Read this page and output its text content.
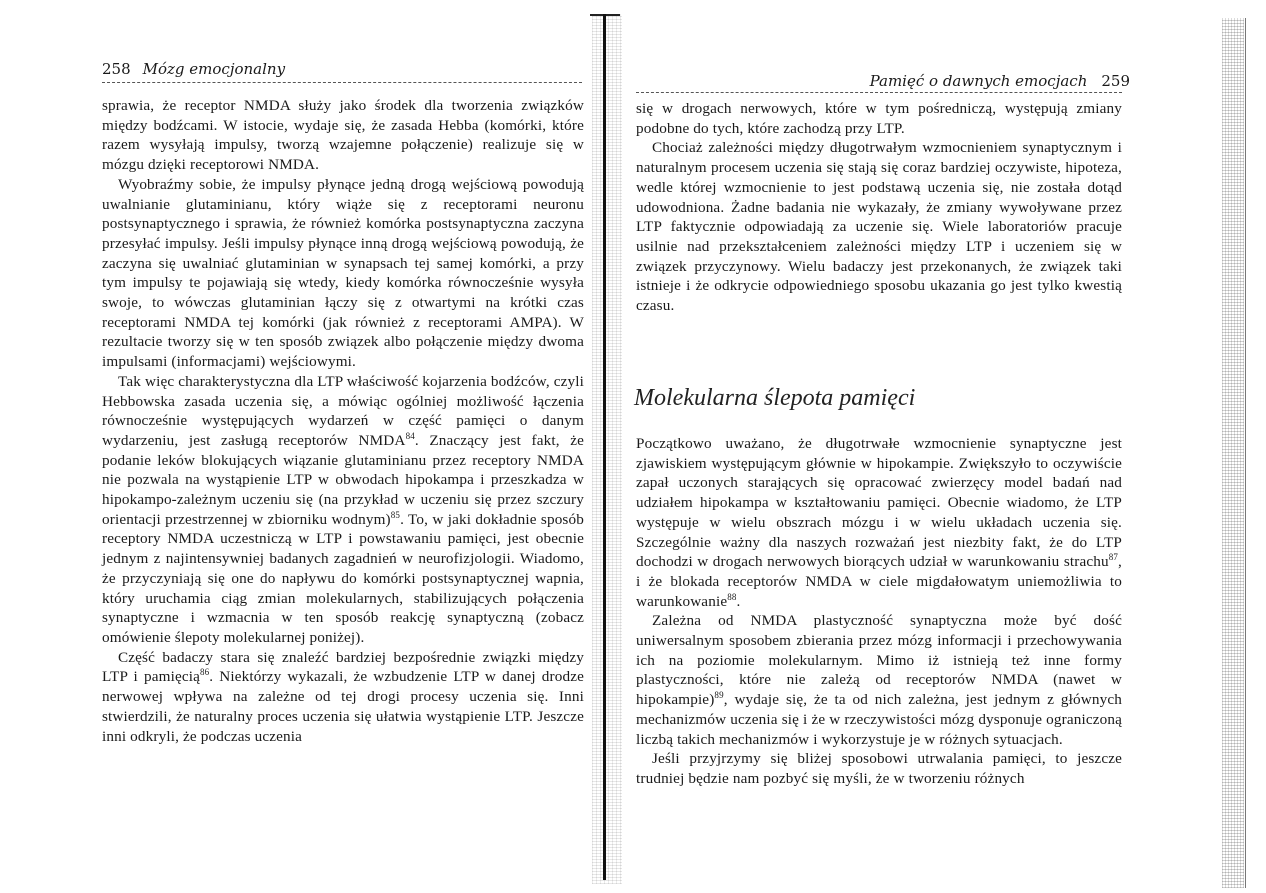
258 Mózg emocjonalny

sprawia, że receptor NMDA służy jako środek dla tworzenia związków między bodźcami. W istocie, wydaje się, że zasada Hebba (komórki, które razem wysyłają impulsy, tworzą wzajemne połączenie) realizuje się w mózgu dzięki receptorowi NMDA.

Wyobraźmy sobie, że impulsy płynące jedną drogą wejściową powodują uwalnianie glutaminianu, który wiąże się z receptorami neuronu postsynaptycznego i sprawia, że również komórka postsynaptyczna zaczyna przesyłać impulsy. Jeśli impulsy płynące inną drogą wejściową powodują, że zaczyna się uwalniać glutaminian w synapsach tej samej komórki, a przy tym impulsy te pojawiają się wtedy, kiedy komórka równocześnie wysyła swoje, to wówczas glutaminian łączy się z otwartymi na krótki czas receptorami NMDA tej komórki (jak również z receptorami AMPA). W rezultacie tworzy się w ten sposób związek albo połączenie między dwoma impulsami (informacjami) wejściowymi.

Tak więc charakterystyczna dla LTP właściwość kojarzenia bodźców, czyli Hebbowska zasada uczenia się, a mówiąc ogólniej możliwość łączenia równocześnie występujących wydarzeń w część pamięci o danym wydarzeniu, jest zasługą receptorów NMDA$^{84}$. Znaczący jest fakt, że podanie leków blokujących wiązanie glutaminianu przez receptory NMDA nie pozwala na wystąpienie LTP w obwodach hipokampa i przeszkadza w hipokampo-zależnym uczeniu się (na przykład w uczeniu się przez szczury orientacji przestrzennej w zbiorniku wodnym)$^{85}$. To, w jaki dokładnie sposób receptory NMDA uczestniczą w LTP i powstawaniu pamięci, jest obecnie jednym z najintensywniej badanych zagadnień w neurofizjologii. Wiadomo, że przyczyniają się one do napływu do komórki postsynaptycznej wapnia, który uruchamia ciąg zmian molekularnych, stabilizujących połączenia synaptyczne i wzmacnia w ten sposób reakcję synaptyczną (zobacz omówienie ślepoty molekularnej poniżej).

Część badaczy stara się znaleźć bardziej bezpośrednie związki między LTP i pamięcią$^{86}$. Niektórzy wykazali, że wzbudzenie LTP w danej drodze nerwowej wpływa na zależne od tej drogi procesy uczenia się. Inni stwierdzili, że naturalny proces uczenia się ułatwia wystąpienie LTP. Jeszcze inni odkryli, że podczas uczenia

Pamięć o dawnych emocjach 259

się w drogach nerwowych, które w tym pośredniczą, występują zmiany podobne do tych, które zachodzą przy LTP.

Chociaż zależności między długotrwałym wzmocnieniem synaptycznym i naturalnym procesem uczenia się stają się coraz bardziej oczywiste, hipoteza, wedle której wzmocnienie to jest podstawą uczenia się, nie została dotąd udowodniona. Żadne badania nie wykazały, że zmiany wywoływane przez LTP faktycznie odpowiadają za uczenie się. Wiele laboratoriów pracuje usilnie nad przekształceniem zależności między LTP i uczeniem się w związek przyczynowy. Wielu badaczy jest przekonanych, że związek taki istnieje i że odkrycie odpowiedniego sposobu ukazania go jest tylko kwestią czasu.

Molekularna ślepota pamięci

Początkowo uważano, że długotrwałe wzmocnienie synaptyczne jest zjawiskiem występującym głównie w hipokampie. Zwiększyło to oczywiście zapał uczonych starających się opracować zwierzęcy model badań nad udziałem hipokampa w kształtowaniu pamięci. Obecnie wiadomo, że LTP występuje w wielu obszrach mózgu i w wielu układach uczenia się. Szczególnie ważny dla naszych rozważań jest niezbity fakt, że do LTP dochodzi w drogach nerwowych biorących udział w warunkowaniu strachu$^{87}$, i że blokada receptorów NMDA w ciele migdałowatym uniemożliwia to warunkowanie$^{88}$.

Zależna od NMDA plastyczność synaptyczna może być dość uniwersalnym sposobem zbierania przez mózg informacji i przechowywania ich na poziomie molekularnym. Mimo iż istnieją też inne formy plastyczności, które nie zależą od receptorów NMDA (nawet w hipokampie)$^{89}$, wydaje się, że ta od nich zależna, jest jednym z głównych mechanizmów uczenia się i że w rzeczywistości mózg dysponuje ograniczoną liczbą takich mechanizmów i wykorzystuje je w różnych sytuacjach.

Jeśli przyjrzymy się bliżej sposobowi utrwalania pamięci, to jeszcze trudniej będzie nam pozbyć się myśli, że w tworzeniu różnych
